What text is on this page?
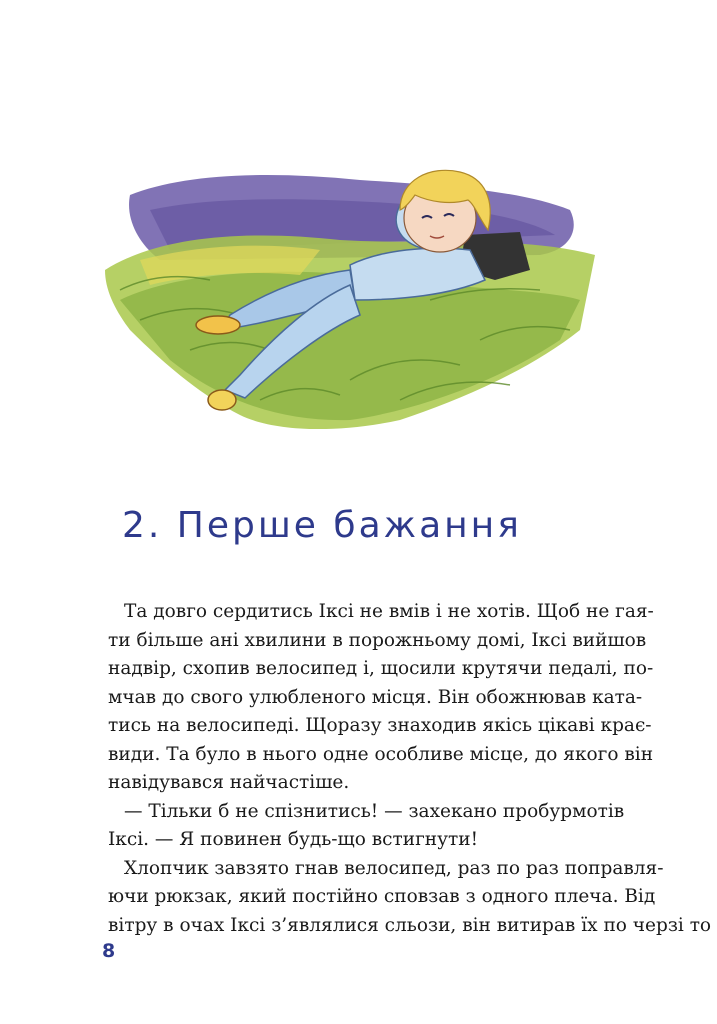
2. Перше бажання
Та довго сердитись Іксі не вмів і не хотів. Щоб не гая-
ти більше ані хвилини в порожньому домі, Іксі вийшов
надвір, схопив велосипед і, щосили крутячи педалі, по-
мчав до свого улюбленого місця. Він обожнював ката-
тись на велосипеді. Щоразу знаходив якісь цікаві крає-
види. Та було в нього одне особливе місце, до якого він
навідувався найчастіше.
— Тільки б не спізнитись! — захекано пробурмотів
Іксі. — Я повинен будь-що встигнути!
Хлопчик завзято гнав велосипед, раз по раз поправля-
ючи рюкзак, який постійно сповзав з одного плеча. Від
вітру в очах Іксі з’являлися сльози, він витирав їх по черзі то
8
